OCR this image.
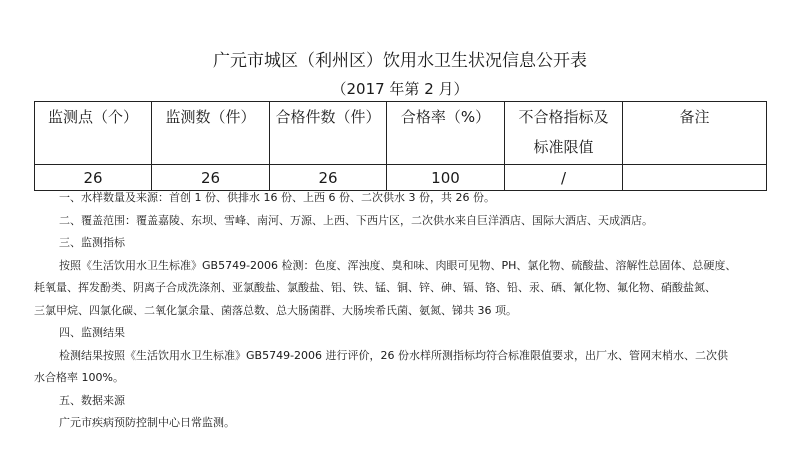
广元市城区（利州区）饮用水卫生状况信息公开表
（2017 年第 2 月）
监测点（个）	监测数（件）	合格件数（件）	合格率（%）	不合格指标及
标准限值	备注
26	26	26	100	/	

一、水样数量及来源：首创 1 份、供排水 16 份、上西 6 份、二次供水 3 份，共 26 份。

二、覆盖范围：覆盖嘉陵、东坝、雪峰、南河、万源、上西、下西片区，二次供水来自巨洋酒店、国际大酒店、天成酒店。

三、监测指标

按照《生活饮用水卫生标准》GB5749-2006 检测：色度、浑浊度、臭和味、肉眼可见物、PH、氯化物、硫酸盐、溶解性总固体、总硬度、

耗氧量、挥发酚类、阴离子合成洗涤剂、亚氯酸盐、氯酸盐、铝、铁、锰、铜、锌、砷、镉、铬、铅、汞、硒、氰化物、氟化物、硝酸盐氮、

三氯甲烷、四氯化碳、二氧化氯余量、菌落总数、总大肠菌群、大肠埃希氏菌、氨氮、锑共 36 项。

四、监测结果

检测结果按照《生活饮用水卫生标准》GB5749-2006 进行评价，26 份水样所测指标均符合标准限值要求，出厂水、管网末梢水、二次供

水合格率 100%。

五、数据来源

广元市疾病预防控制中心日常监测。
